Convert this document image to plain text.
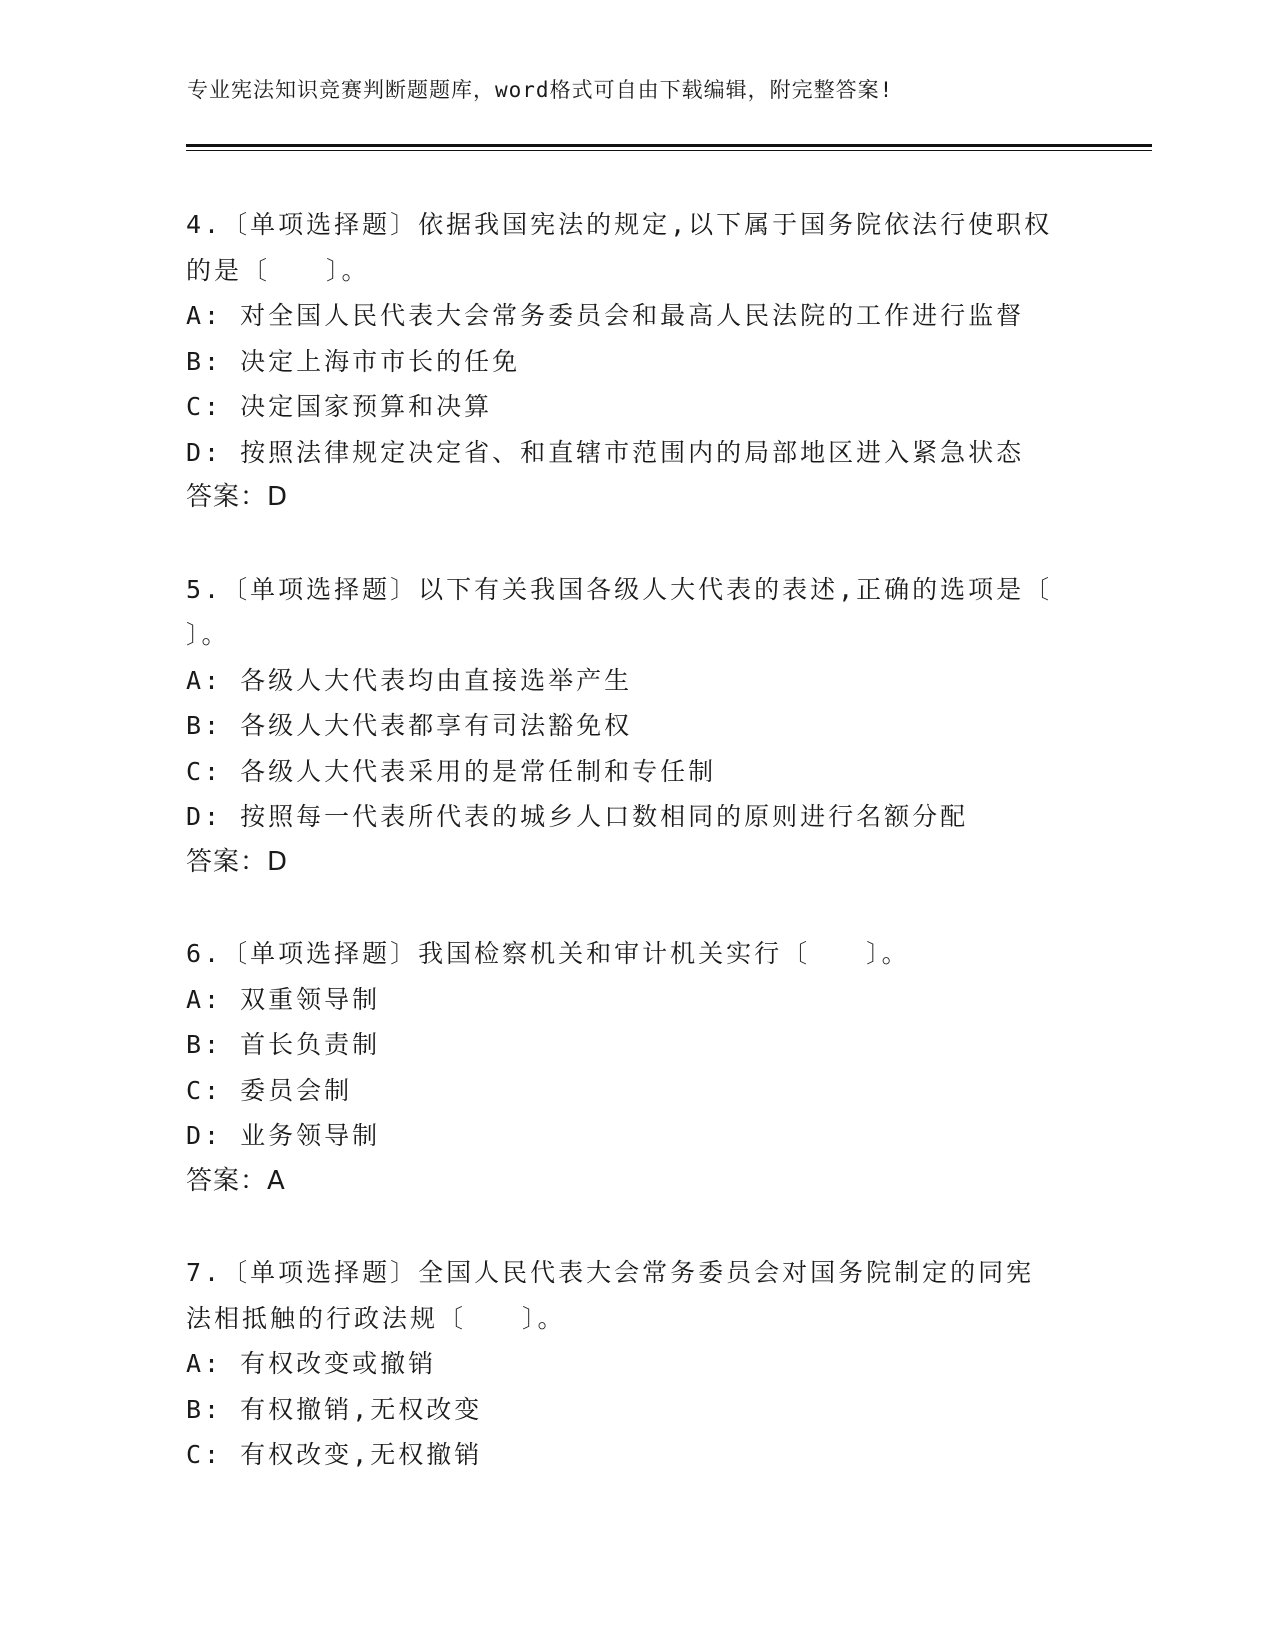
专业宪法知识竞赛判断题题库，word格式可自由下载编辑，附完整答案!
4.〔单项选择题〕依据我国宪法的规定,以下属于国务院依法行使职权
的是〔　　〕。
A: 对全国人民代表大会常务委员会和最高人民法院的工作进行监督
B: 决定上海市市长的任免
C: 决定国家预算和决算
D: 按照法律规定决定省、和直辖市范围内的局部地区进入紧急状态
答案：D
5.〔单项选择题〕以下有关我国各级人大代表的表述,正确的选项是〔
〕。
A: 各级人大代表均由直接选举产生
B: 各级人大代表都享有司法豁免权
C: 各级人大代表采用的是常任制和专任制
D: 按照每一代表所代表的城乡人口数相同的原则进行名额分配
答案：D
6.〔单项选择题〕我国检察机关和审计机关实行〔　　〕。
A: 双重领导制
B: 首长负责制
C: 委员会制
D: 业务领导制
答案：A
7.〔单项选择题〕全国人民代表大会常务委员会对国务院制定的同宪
法相抵触的行政法规〔　　〕。
A: 有权改变或撤销
B: 有权撤销,无权改变
C: 有权改变,无权撤销
